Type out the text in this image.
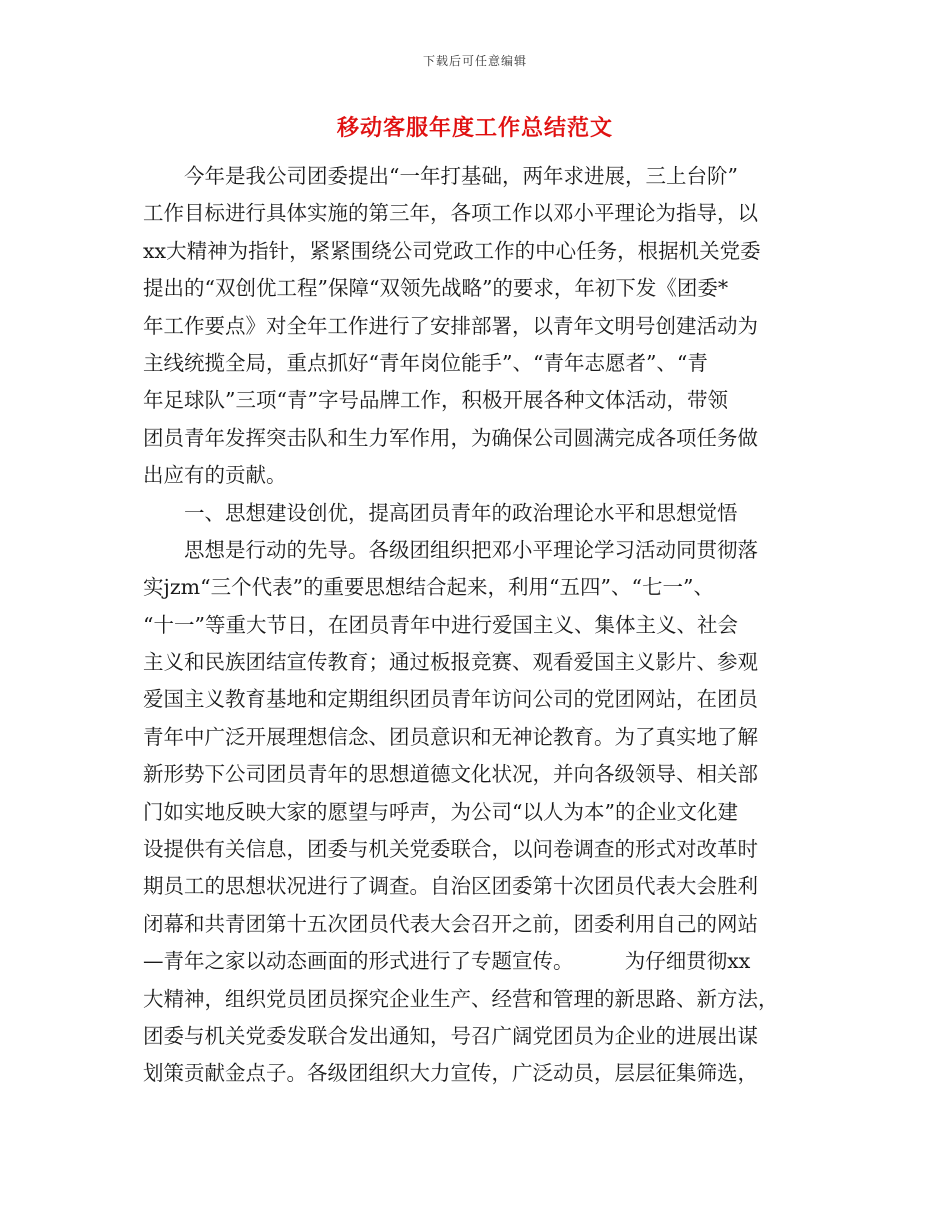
下载后可任意编辑
移动客服年度工作总结范文
　　今年是我公司团委提出“一年打基础，两年求进展，三上台阶”
工作目标进行具体实施的第三年，各项工作以邓小平理论为指导，以
xx大精神为指针，紧紧围绕公司党政工作的中心任务，根据机关党委
提出的“双创优工程”保障“双领先战略”的要求，年初下发《团委*
年工作要点》对全年工作进行了安排部署，以青年文明号创建活动为
主线统揽全局，重点抓好“青年岗位能手”、“青年志愿者”、“青
年足球队”三项“青”字号品牌工作，积极开展各种文体活动，带领
团员青年发挥突击队和生力军作用，为确保公司圆满完成各项任务做
出应有的贡献。
　　一、思想建设创优，提高团员青年的政治理论水平和思想觉悟
　　思想是行动的先导。各级团组织把邓小平理论学习活动同贯彻落
实jzm“三个代表”的重要思想结合起来，利用“五四”、“七一”、
“十一”等重大节日，在团员青年中进行爱国主义、集体主义、社会
主义和民族团结宣传教育；通过板报竞赛、观看爱国主义影片、参观
爱国主义教育基地和定期组织团员青年访问公司的党团网站，在团员
青年中广泛开展理想信念、团员意识和无神论教育。为了真实地了解
新形势下公司团员青年的思想道德文化状况，并向各级领导、相关部
门如实地反映大家的愿望与呼声，为公司“以人为本”的企业文化建
设提供有关信息，团委与机关党委联合，以问卷调查的形式对改革时
期员工的思想状况进行了调查。自治区团委第十次团员代表大会胜利
闭幕和共青团第十五次团员代表大会召开之前，团委利用自己的网站
—青年之家以动态画面的形式进行了专题宣传。　　　为仔细贯彻xx
大精神，组织党员团员探究企业生产、经营和管理的新思路、新方法，
团委与机关党委发联合发出通知，号召广阔党团员为企业的进展出谋
划策贡献金点子。各级团组织大力宣传，广泛动员，层层征集筛选，
